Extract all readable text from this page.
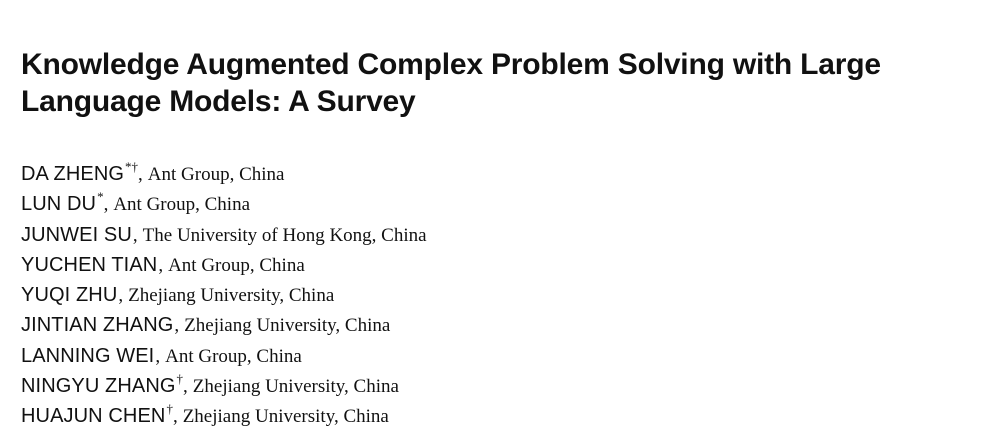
Knowledge Augmented Complex Problem Solving with Large Language Models: A Survey
DA ZHENG*†, Ant Group, China
LUN DU*, Ant Group, China
JUNWEI SU, The University of Hong Kong, China
YUCHEN TIAN, Ant Group, China
YUQI ZHU, Zhejiang University, China
JINTIAN ZHANG, Zhejiang University, China
LANNING WEI, Ant Group, China
NINGYU ZHANG†, Zhejiang University, China
HUAJUN CHEN†, Zhejiang University, China
